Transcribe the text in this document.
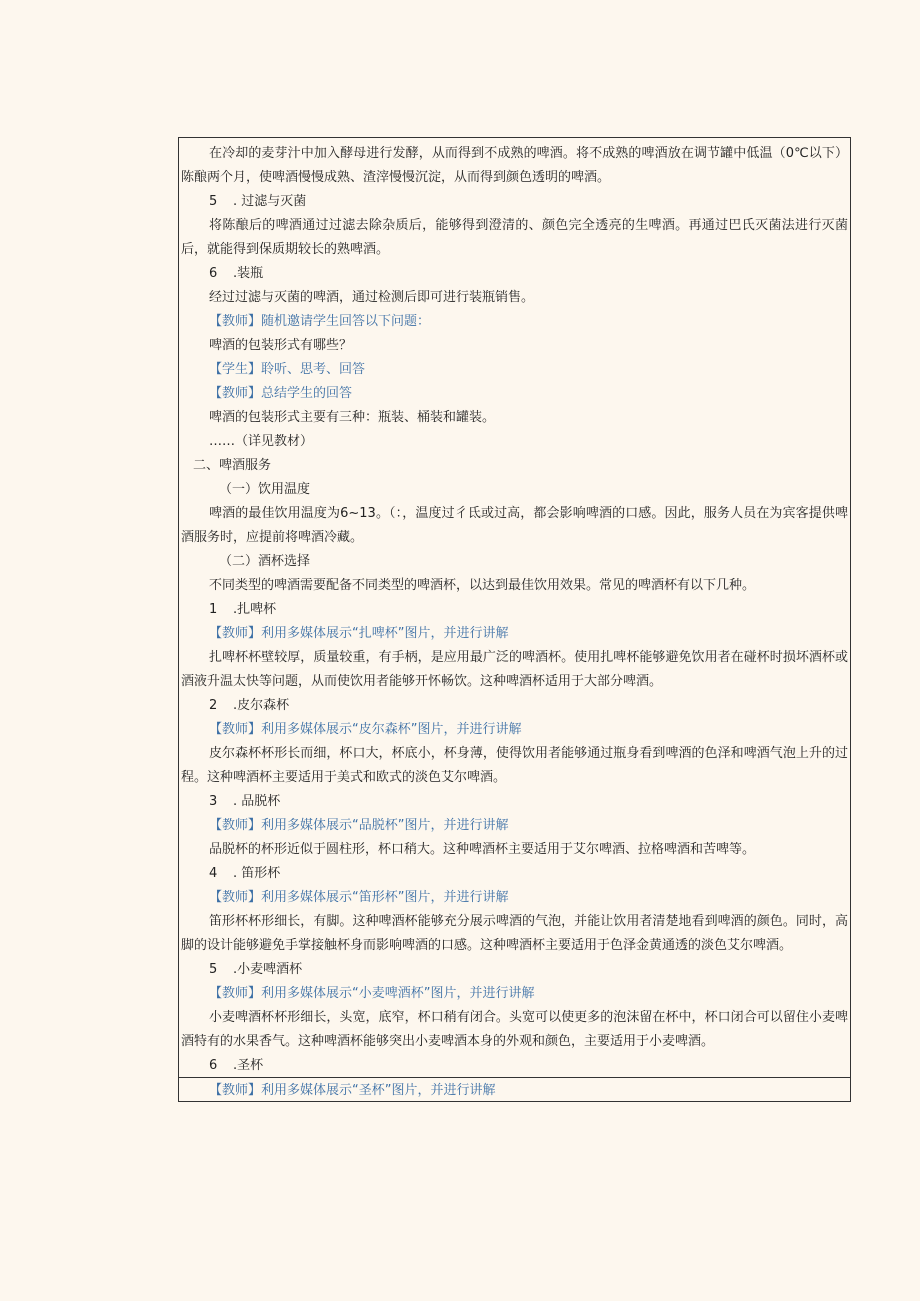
在冷却的麦芽汁中加入酵母进行发酵，从而得到不成熟的啤酒。将不成熟的啤酒放在调节罐中低温（0℃以下）陈酿两个月，使啤酒慢慢成熟、渣滓慢慢沉淀，从而得到颜色透明的啤酒。
5 . 过滤与灭菌
将陈酿后的啤酒通过过滤去除杂质后，能够得到澄清的、颜色完全透亮的生啤酒。再通过巴氏灭菌法进行灭菌后，就能得到保质期较长的熟啤酒。
6 .装瓶
经过过滤与灭菌的啤酒，通过检测后即可进行装瓶销售。
【教师】随机邀请学生回答以下问题：
啤酒的包装形式有哪些？
【学生】聆听、思考、回答
【教师】总结学生的回答
啤酒的包装形式主要有三种：瓶装、桶装和罐装。
……（详见教材）
二、啤酒服务
（一）饮用温度
啤酒的最佳饮用温度为6~13。（：，温度过彳氐或过高，都会影响啤酒的口感。因此，服务人员在为宾客提供啤酒服务时，应提前将啤酒冷藏。
（二）酒杯选择
不同类型的啤酒需要配备不同类型的啤酒杯，以达到最佳饮用效果。常见的啤酒杯有以下几种。
1 .扎啤杯
【教师】利用多媒体展示“扎啤杯”图片，并进行讲解
扎啤杯杯壁较厚，质量较重，有手柄，是应用最广泛的啤酒杯。使用扎啤杯能够避免饮用者在碰杯时损坏酒杯或酒液升温太快等问题，从而使饮用者能够开怀畅饮。这种啤酒杯适用于大部分啤酒。
2 .皮尔森杯
【教师】利用多媒体展示“皮尔森杯”图片，并进行讲解
皮尔森杯杯形长而细，杯口大，杯底小，杯身薄，使得饮用者能够通过瓶身看到啤酒的色泽和啤酒气泡上升的过程。这种啤酒杯主要适用于美式和欧式的淡色艾尔啤酒。
3 . 品脱杯
【教师】利用多媒体展示“品脱杯”图片，并进行讲解
品脱杯的杯形近似于圆柱形，杯口稍大。这种啤酒杯主要适用于艾尔啤酒、拉格啤酒和苦啤等。
4 . 笛形杯
【教师】利用多媒体展示“笛形杯”图片，并进行讲解
笛形杯杯形细长，有脚。这种啤酒杯能够充分展示啤酒的气泡，并能让饮用者清楚地看到啤酒的颜色。同时，高脚的设计能够避免手掌接触杯身而影响啤酒的口感。这种啤酒杯主要适用于色泽金黄通透的淡色艾尔啤酒。
5 .小麦啤酒杯
【教师】利用多媒体展示“小麦啤酒杯”图片，并进行讲解
小麦啤酒杯杯形细长，头宽，底窄，杯口稍有闭合。头宽可以使更多的泡沫留在杯中，杯口闭合可以留住小麦啤酒特有的水果香气。这种啤酒杯能够突出小麦啤酒本身的外观和颜色，主要适用于小麦啤酒。
6 .圣杯
【教师】利用多媒体展示“圣杯”图片，并进行讲解
